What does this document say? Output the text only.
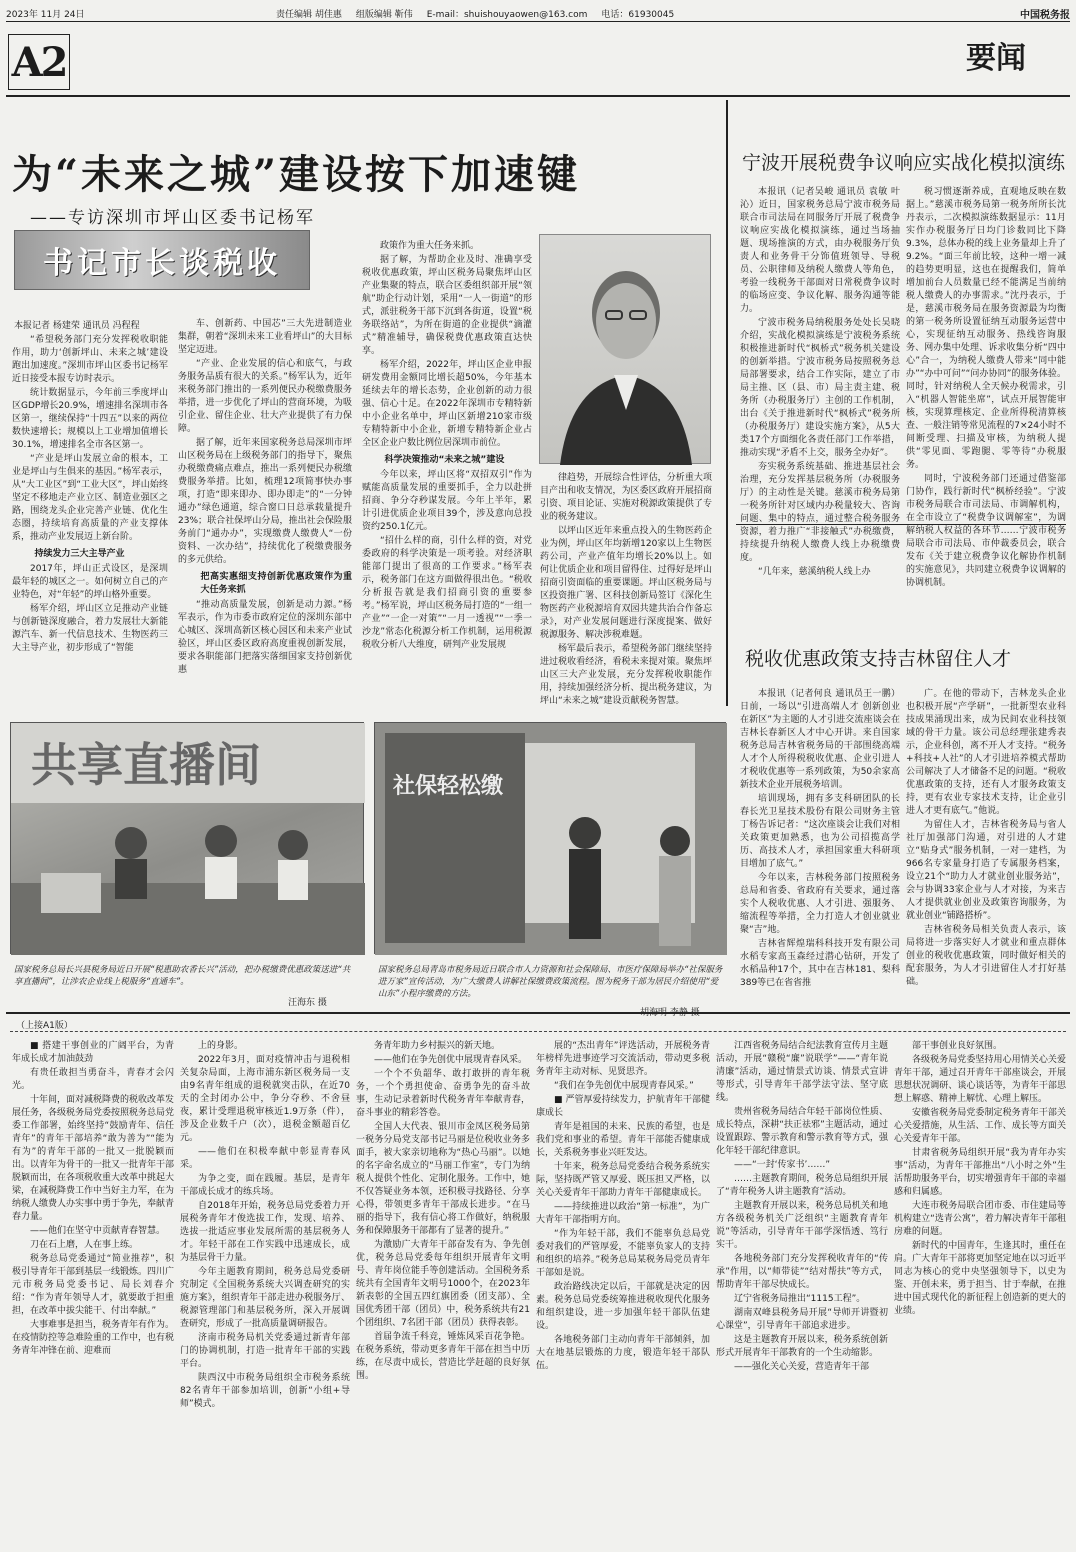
2023年 11月 24日	责任编辑 胡佳惠 组版编辑 靳伟 E-mail：shuishouyaowen@163.com 电话：61930045	中国税务报
A2	要闻
为“未来之城”建设按下加速键
——专访深圳市坪山区委书记杨军
书记市长谈税收
本报记者 杨建荣 通讯员 冯程程

“希望税务部门充分发挥税收职能作用，助力‘创新坪山、未来之城’建设跑出加速度。”深圳市坪山区委书记杨军近日接受本报专访时表示。

统计数据显示，今年前三季度坪山区GDP增长20.9%，增速排名深圳市各区第一，继续保持“十四五”以来的两位数快速增长；规模以上工业增加值增长30.1%，增速排名全市各区第一。

“产业是坪山发展立命的根本，工业是坪山与生俱来的基因。”杨军表示，从“大工业区”到“工业大区”，坪山始终坚定不移地走产业立区、制造业强区之路，围绕龙头企业完善产业链、优化生态圈，持续培育高质量的产业支撑体系，推动产业发展迈上新台阶。

持续发力三大主导产业

2017年，坪山正式设区，是深圳最年轻的城区之一。如何树立自己的产业特色，对“年轻”的坪山格外重要。

杨军介绍，坪山区立足推动产业链与创新链深度融合，着力发展壮大新能源汽车、新一代信息技术、生物医药三大主导产业，初步形成了“智能

车、创新药、中国芯”三大先进制造业集群，朝着“深圳未来工业看坪山”的大目标坚定迈进。

“产业、企业发展的信心和底气，与政务服务品质有很大的关系。”杨军认为，近年来税务部门推出的一系列便民办税缴费服务举措，进一步优化了坪山的营商环境，为吸引企业、留住企业、壮大产业提供了有力保障。

据了解，近年来国家税务总局深圳市坪山区税务局在上级税务部门的指导下，聚焦办税缴费痛点难点，推出一系列便民办税缴费服务举措。比如，梳理12项简事快办事项，打造“即来即办、即办即走”的“一分钟通办”绿色通道，综合窗口日总承载量提升23%；联合社保坪山分局，推出社会保险服务前门“通办办”，实现缴费人缴费人“一份资料、一次办结”，持续优化了税缴费服务的多元供给。

把高实惠细支持创新优惠政策作为重大任务来抓

“推动高质量发展，创新是动力源。”杨军表示，作为市委市政府定位的深圳东部中心城区、深圳高新区核心园区和未来产业试验区，坪山区委区政府高度重视创新发展，要求各职能部门把落实落细国家支持创新优惠

政策作为重大任务来抓。

据了解，为帮助企业及时、准确享受税收优惠政策，坪山区税务局聚焦坪山区产业集聚的特点，联合区委组织部开展“领航”助企行动计划，采用“一人一街道”的形式，派驻税务干部下沉到各街道，设置“税务联络站”，为所在街道的企业提供“滴灌式”精准辅导，确保税费优惠政策直达快享。

杨军介绍，2022年，坪山区企业申报研发费用金额同比增长超50%，今年基本延续去年的增长态势，企业创新的动力很强、信心十足。在2022年深圳市专精特新中小企业名单中，坪山区新增210家市级专精特新中小企业，新增专精特新企业占全区企业户数比例位居深圳市前位。

科学决策推动“未来之城”建设

今年以来，坪山区将“双招双引”作为赋能高质量发展的重要抓手，全力以赴拼招商、争分夺秒谋发展。今年上半年，累计引进优质企业项目39个，涉及意向总投资约250.1亿元。

“招什么样的商，引什么样的资，对党委政府的科学决策是一项考验。对经济职能部门提出了很高的工作要求。”杨军表示，税务部门在这方面做得很出色。“税收分析报告就是我们招商引资的重要参考。”杨军说，坪山区税务局打造的“一组一产业”“一企一对策”“一月一透视”“一季一沙龙”常态化税源分析工作机制，运用税源税收分析八大维度，研判产业发展规

律趋势，开展综合性评估，分析重大项目产出和收支情况，为区委区政府开展招商引资、项目论证、实施对税源政策提供了专业的税务建议。

以坪山区近年来重点投入的生物医药企业为例，坪山区年均新增120家以上生物医药公司，产业产值年均增长20%以上。如何让优质企业和项目留得住、过得好是坪山招商引资面临的重要课题。坪山区税务局与区投资推广署、区科技创新局签订《深化生物医药产业税源培育双园共建共治合作备忘录》，对产业发展问题进行深度提案、做好税源服务、解决涉税难题。

杨军最后表示，希望税务部门继续坚持进过税收看经济，看税未来提对策。聚焦坪山区三大产业发展，充分发挥税收职能作用，持续加强经济分析、提出税务建议，为坪山“未来之城”建设贡献税务智慧。

宁波开展税费争议响应实战化模拟演练

本报讯（记者吴峻 通讯员 袁敏 叶沁）近日，国家税务总局宁波市税务局联合市司法局在同服务厅开展了税费争议响应实战化模拟演练，通过当场抽题、现场推演的方式，由办税服务厅负责人和业务骨干分饰值班领导、导税员、公职律师及纳税人缴费人等角色，考验一线税务干部面对日常税费争议时的临场应变、争议化解、服务沟通等能力。

宁波市税务局纳税服务处处长吴晓介绍，实战化模拟演练是宁波税务系统积极推进新时代“枫桥式”税务机关建设的创新举措。宁波市税务局按照税务总局部署要求，结合工作实际，建立了市局主推、区（县、市）局主责主建、税务所（办税服务厅）主创的工作机制，出台《关于推进新时代“枫桥式”税务所（办税服务厅）建设实施方案》，从5大类17个方面细化各责任部门工作举措，推动实现“矛盾不上交，服务全办好”。

夯实税务系统基础、推进基层社会治理，充分发挥基层税务所（办税服务厅）的主动性是关键。慈溪市税务局第一税务所针对区域内办税量较大、咨询问题、集中的特点，通过整合税务服务资源，着力推广“非接触式”办税缴费，持续提升纳税人缴费人线上办税缴费度。

“几年来，慈溪纳税人线上办

税习惯逐渐养成，直观地反映在数据上。”慈溪市税务局第一税务所所长沈丹表示，二次模拟演练数据显示：11月实作办税服务厅日均门诊数同比下降9.3%，总体办税的线上业务量却上升了9.2%。“面三年前比较，这种一增一减的趋势更明显，这也在提醒我们，简单增加前台人员数量已经不能满足当前纳税人缴费人的办事需求。”沈丹表示，于是，慈溪市税务局在服务资源最为均衡的第一税务所设置征纳互动服务运营中心，实现征纳互动服务、热线咨询服务、网办集中处理、诉求收集分析“四中心”合一，为纳税人缴费人带来“同中能办”“办中可问”“问办协同”的服务体验。同时，针对纳税人全天候办税需求，引入“机器人智能坐席”，试点开展智能审核，实现算理核定、企业所得税清算核查、一般注销等常见流程的7×24小时不间断受理、扫描及审核，为纳税人提供“零见面、零跑腿、零等待”办税服务。

同时，宁波税务部门还通过借鉴部门协作，践行新时代“枫桥经验”。宁波市税务局联合市司法局、市调解机构，在全市设立了“税费争议调解室”，为调解纳税人权益的各环节……宁波市税务局联合市司法局、市仲裁委员会，联合发布《关于建立税费争议化解协作机制的实施意见》，共同建立税费争议调解的协调机制。

税收优惠政策支持吉林留住人才

本报讯（记者何良 通讯员王一鹏）日前，一场以“引进高端人才 创新创业在新区”为主题的人才引进交流座谈会在吉林长春新区人才中心开讲。来自国家税务总局吉林省税务局的干部围绕高端人才个人所得税税收优惠、企业引进人才税收优惠等一系列政策，为50余家高新技术企业开展税务培训。

培训现场，拥有多支科研团队的长春长光卫星技术股份有限公司财务主管丁杨告诉记者：“这次座谈会让我们对相关政策更加熟悉，也为公司招揽高学历、高技术人才，承担国家重大科研项目增加了底气。”

今年以来，吉林税务部门按照税务总局和省委、省政府有关要求，通过落实个人税收优惠、人才引进、强服务、缩流程等举措，全力打造人才创业就业聚“吉”地。

吉林省辉煌瑞科科技开发有限公司水稻专家高玉森经过潜心钻研，开发了水稻品种17个，其中在吉林181、梨科389等已在省省推

广。在他的带动下，吉林龙头企业也积极开展“产学研”，一批新型农业科技成果涌现出来，成为民间农业科技领域的骨干力量。该公司总经理张建秀表示，企业科创，离不开人才支持。“税务+科技+人社”的人才引进培养模式帮助公司解决了人才储备不足的问题。“税收优惠政策的支持，还有人才服务政策支持，更有农业专家技术支持，让企业引进人才更有底气。”他说。

为留住人才，吉林省税务局与省人社厅加强部门沟通，对引进的人才建立“贴身式”服务机制，一对一建档，为966名专家量身打造了专属服务档案，设立21个“助力人才就业创业服务站”，会与协调33家企业与人才对接，为来吉人才提供就业创业及政策咨询服务，为就业创业“铺路搭桥”。

吉林省税务局相关负责人表示，该局将进一步落实好人才就业和重点群体创业的税收优惠政策，同时做好相关的配套服务，为人才引进留住人才打好基础。

共享直播间	社保轻松缴
国家税务总局长兴县税务局近日开展“税惠助农香长兴”活动，把办税缴费优惠政策送进“共享直播间”，让涉农企业线上税服务“直通车”。
汪海东 摄
国家税务总局青岛市税务局近日联合市人力资源和社会保障局、市医疗保障局举办“社保服务进万家”宣传活动，为广大缴费人讲解社保缴费政策流程。图为税务干部为居民介绍使用“爱山东”小程序缴费的方法。
（上接A1版）

■ 搭建干事创业的广阔平台，为青年成长成才加油鼓劲

有贵任敢担当勇奋斗，青春才会闪光。

十年间，面对减税降费的税收改革发展任务，各级税务局党委按照税务总局党委工作部署，始终坚持“鼓励青年、信任青年”的青年干部培养“敢为善为”“能为有为”的青年干部的一批又一批脱颖而出。以青年为骨干的一批又一批青年干部脱颖而出，在各项税收重大改革中挑起大梁，在减税降费工作中当好主力军，在为纳税人缴费人办实事中勇于争先，奉献青春力量。

——他们在坚守中贡献青春智慧。

刀在石上磨，人在事上练。

税务总局党委通过“简业推荐”，积极引导青年干部到基层一线锻炼。四川广元市税务局党委书记、局长刘春介绍：“作为青年领导人才，就要敢于担重担，在改革中拔尖能干、付出奉献。”

大事难事是担当，税务青年有作为。在疫情防控等急难险重的工作中，也有税务青年冲锋在前、迎难而

上的身影。

2022年3月，面对疫情冲击与退税相关复杂局面，上海市浦东新区税务局一支由9名青年组成的退税就突击队，在近70天的全封闭办公中，争分夺秒、不舍昼夜，累计受理退税审核近1.9万条（件），涉及企业数千户（次），退税金额超百亿元。

——他们在积极奉献中彰显青春风采。

为争之变，面在践履。基层，是青年干部成长成才的练兵场。

自2018年开始，税务总局党委着力开展税务青年才俊选拔工作，发现、培养、选拔一批适应事业发展所需的基层税务人才。年轻干部在工作实践中迅速成长，成为基层骨干力量。

今年主题教育期间，税务总局党委研究制定《全国税务系统大兴调查研究的实施方案》，组织青年干部走进办税服务厅、税源管理部门和基层税务所，深入开展调查研究，形成了一批高质量调研报告。

济南市税务局机关党委通过新青年部门的协调机制，打造一批青年干部的实践平台。

陕西汉中市税务局组织全市税务系统82名青年干部参加培训，创新“小组+导师”模式。

务青年助力乡村振兴的新天地。

——他们在争先创优中展现青春风采。

一个个不负韶华、敢打敢拼的青年税务，一个个勇担使命、奋勇争先的奋斗故事，生动记录着新时代税务青年奉献青春，奋斗事业的精彩答卷。

全国人大代表、银川市金凤区税务局第一税务分局党支部书记马丽是位税收业务多面手，被大家亲切地称为“热心马丽”。以她的名字命名成立的“马丽工作室”，专门为纳税人提供个性化、定制化服务。工作中，她不仅答疑业务本领，还积极寻找路径、分享心得，带领更多青年干部成长进步。“在马丽的指导下，我有信心将工作做好，纳税服务和保障服务干部都有了显著的提升。”

为激励广大青年干部奋发有为、争先创优，税务总局党委每年组织开展青年文明号、青年岗位能手等创建活动。全国税务系统共有全国青年文明号1000个，在2023年新表彰的全国五四红旗团委（团支部）、全国优秀团干部（团员）中，税务系统共有21个团组织、7名团干部（团员）获得表彰。

首届争流千科竞，锤炼风采百花争艳。在税务系统，带动更多青年干部在担当中历练，在尽责中成长，营造比学赶超的良好氛围。

展的“杰出青年”评选活动，开展税务青年榜样先进事迹学习交流活动，带动更多税务青年主动对标、见贤思齐。

“我们在争先创优中展现青春风采。”

■ 严管厚爱持续发力，护航青年干部健康成长

青年是祖国的未来、民族的希望，也是我们党和事业的希望。青年干部能否健康成长，关系税务事业兴旺发达。

十年来，税务总局党委结合税务系统实际，坚持既严管又厚爱、既压担又严格，以关心关爱青年干部助力青年干部健康成长。

——持续推进以政治“第一标准”，为广大青年干部指明方向。

“作为年轻干部，我们不能辜负总局党委对我们的严管厚爱，不能辜负家人的支持和组织的培养。”税务总局某税务局党员青年干部如是说。

政治路线决定以后，干部就是决定的因素。税务总局党委统筹推进税收现代化服务和组织建设，进一步加强年轻干部队伍建设。

各地税务部门主动向青年干部倾斜，加大在地基层锻炼的力度，锻造年轻干部队伍。

江西省税务局结合纪法教育宣传月主题活动，开展“赣税“廉”说联学”——“青年说清廉”活动，通过情景式访谈、情景式宣讲等形式，引导青年干部学法守法、坚守底线。

贵州省税务局结合年轻干部岗位性质、成长特点，深耕“扶正祛邪”主题活动，通过设置跟踪、警示教育和警示教育等方式，强化年轻干部纪律意识。

——“一封‘传家书’……”

……主题教育期间，税务总局组织开展了“青年税务人讲主题教育”活动。

主题教育开展以来，税务总局机关和地方各级税务机关广泛组织“主题教育青年说”等活动，引导青年干部学深悟透、笃行实干。

各地税务部门充分发挥税收青年的“传承”作用，以“师带徒”“结对帮扶”等方式，帮助青年干部尽快成长。

辽宁省税务局推出“1115工程”。

湖南双峰县税务局开展“导师开讲暨初心课堂”，引导青年干部追求进步。

这是主题教育开展以来，税务系统创新形式开展青年干部教育的一个生动缩影。

——强化关心关爱，营造青年干部

部干事创业良好氛围。

各级税务局党委坚持用心用情关心关爱青年干部，通过召开青年干部座谈会，开展思想状况调研、谈心谈话等，为青年干部思想上解惑、精神上解忧、心理上解压。

安徽省税务局党委制定税务青年干部关心关爱措施，从生活、工作、成长等方面关心关爱青年干部。

甘肃省税务局组织开展“我为青年办实事”活动，为青年干部推出“八小时之外”生活帮助服务平台，切实增强青年干部的幸福感和归属感。

大连市税务局联合团市委、市住建局等机构建立“选青公寓”，着力解决青年干部租房难的问题。

新时代的中国青年，生逢其时，重任在肩。广大青年干部将更加坚定地在以习近平同志为核心的党中央坚强领导下，以史为鉴、开创未来，勇于担当、甘于奉献，在推进中国式现代化的新征程上创造新的更大的业绩。
